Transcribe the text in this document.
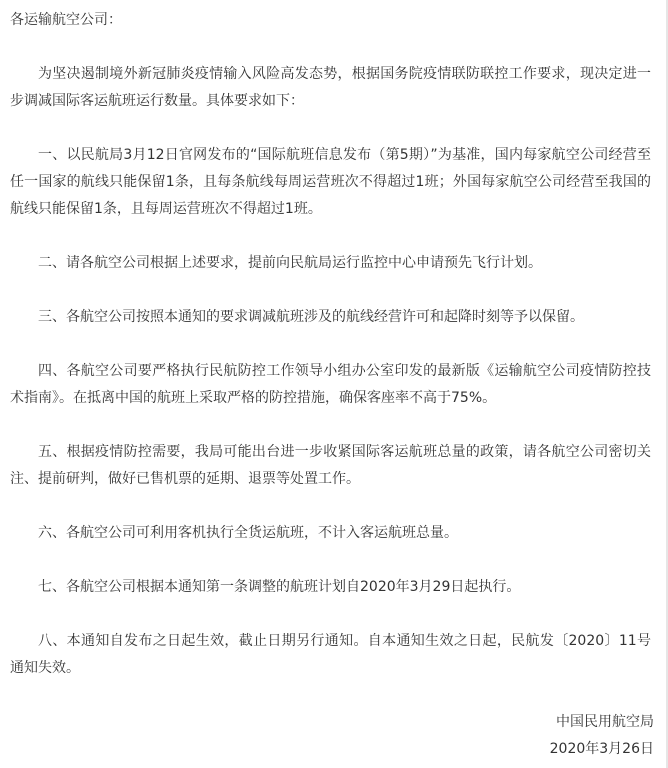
各运输航空公司：
为坚决遏制境外新冠肺炎疫情输入风险高发态势，根据国务院疫情联防联控工作要求，现决定进一步调减国际客运航班运行数量。具体要求如下：
一、以民航局3月12日官网发布的“国际航班信息发布（第5期）”为基准，国内每家航空公司经营至任一国家的航线只能保留1条，且每条航线每周运营班次不得超过1班；外国每家航空公司经营至我国的航线只能保留1条，且每周运营班次不得超过1班。
二、请各航空公司根据上述要求，提前向民航局运行监控中心申请预先飞行计划。
三、各航空公司按照本通知的要求调减航班涉及的航线经营许可和起降时刻等予以保留。
四、各航空公司要严格执行民航防控工作领导小组办公室印发的最新版《运输航空公司疫情防控技术指南》。在抵离中国的航班上采取严格的防控措施，确保客座率不高于75%。
五、根据疫情防控需要，我局可能出台进一步收紧国际客运航班总量的政策，请各航空公司密切关注、提前研判，做好已售机票的延期、退票等处置工作。
六、各航空公司可利用客机执行全货运航班，不计入客运航班总量。
七、各航空公司根据本通知第一条调整的航班计划自2020年3月29日起执行。
八、本通知自发布之日起生效，截止日期另行通知。自本通知生效之日起，民航发〔2020〕11号通知失效。
中国民用航空局
2020年3月26日
